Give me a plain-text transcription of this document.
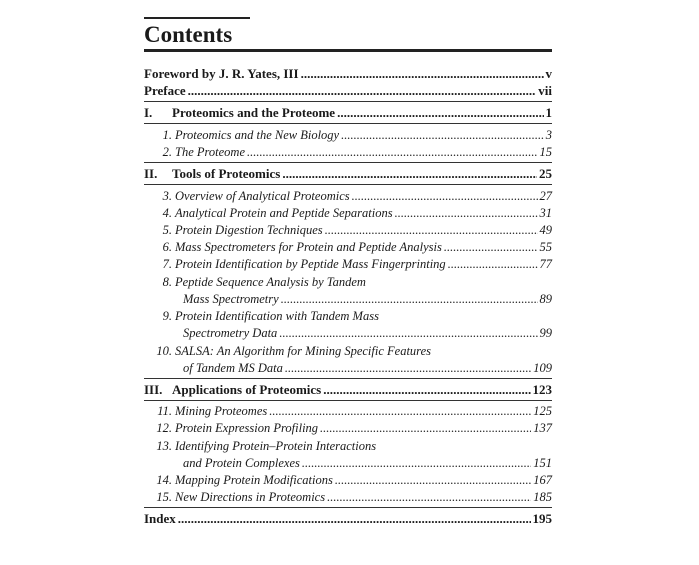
Contents
Foreword by J. R. Yates, III .....	v
Preface .....	vii
I.	Proteomics and the Proteome .....	1
1. Proteomics and the New Biology .....	3
2. The Proteome .....	15
II.	Tools of Proteomics .....	25
3. Overview of Analytical Proteomics .....	27
4. Analytical Protein and Peptide Separations .....	31
5. Protein Digestion Techniques .....	49
6. Mass Spectrometers for Protein and Peptide Analysis .....	55
7. Protein Identification by Peptide Mass Fingerprinting .....	77
8. Peptide Sequence Analysis by Tandem
Mass Spectrometry .....	89
9. Protein Identification with Tandem Mass
Spectrometry Data .....	99
10. SALSA: An Algorithm for Mining Specific Features
of Tandem MS Data .....	109
III. Applications of Proteomics .....	123
11. Mining Proteomes .....	125
12. Protein Expression Profiling .....	137
13. Identifying Protein–Protein Interactions
and Protein Complexes .....	151
14. Mapping Protein Modifications .....	167
15. New Directions in Proteomics .....	185
Index .....	195
